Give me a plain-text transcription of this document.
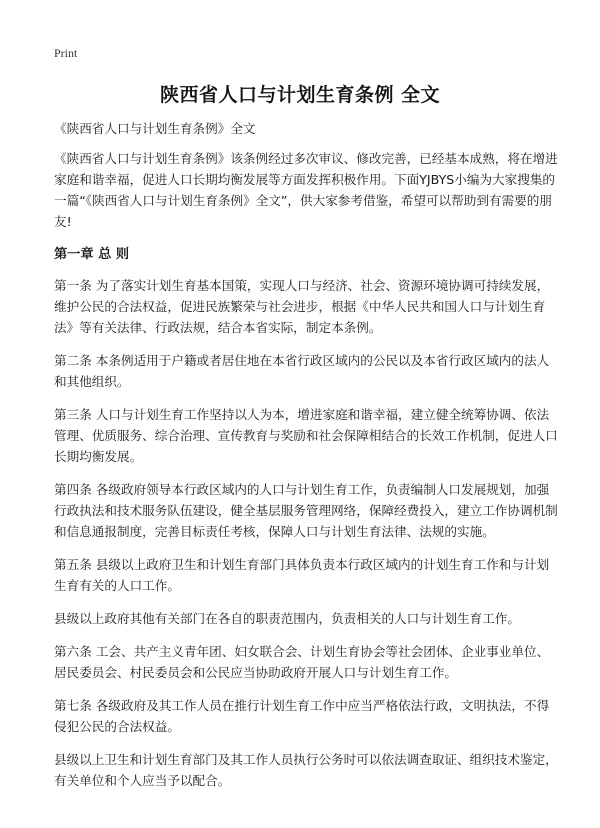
Print
陕西省人口与计划生育条例 全文

《陕西省人口与计划生育条例》全文

《陕西省人口与计划生育条例》该条例经过多次审议、修改完善，已经基本成熟，将在增进家庭和谐幸福，促进人口长期均衡发展等方面发挥积极作用。下面YJBYS小编为大家搜集的一篇“《陕西省人口与计划生育条例》全文”，供大家参考借鉴，希望可以帮助到有需要的朋友!

第一章 总 则

第一条 为了落实计划生育基本国策，实现人口与经济、社会、资源环境协调可持续发展，维护公民的合法权益，促进民族繁荣与社会进步，根据《中华人民共和国人口与计划生育法》等有关法律、行政法规，结合本省实际，制定本条例。

第二条 本条例适用于户籍或者居住地在本省行政区域内的公民以及本省行政区域内的法人和其他组织。

第三条 人口与计划生育工作坚持以人为本，增进家庭和谐幸福，建立健全统筹协调、依法管理、优质服务、综合治理、宣传教育与奖励和社会保障相结合的长效工作机制，促进人口长期均衡发展。

第四条 各级政府领导本行政区域内的人口与计划生育工作，负责编制人口发展规划，加强行政执法和技术服务队伍建设，健全基层服务管理网络，保障经费投入，建立工作协调机制和信息通报制度，完善目标责任考核，保障人口与计划生育法律、法规的实施。

第五条 县级以上政府卫生和计划生育部门具体负责本行政区域内的计划生育工作和与计划生育有关的人口工作。

县级以上政府其他有关部门在各自的职责范围内，负责相关的人口与计划生育工作。

第六条 工会、共产主义青年团、妇女联合会、计划生育协会等社会团体、企业事业单位、居民委员会、村民委员会和公民应当协助政府开展人口与计划生育工作。

第七条 各级政府及其工作人员在推行计划生育工作中应当严格依法行政，文明执法，不得侵犯公民的合法权益。

县级以上卫生和计划生育部门及其工作人员执行公务时可以依法调查取证、组织技术鉴定，有关单位和个人应当予以配合。
